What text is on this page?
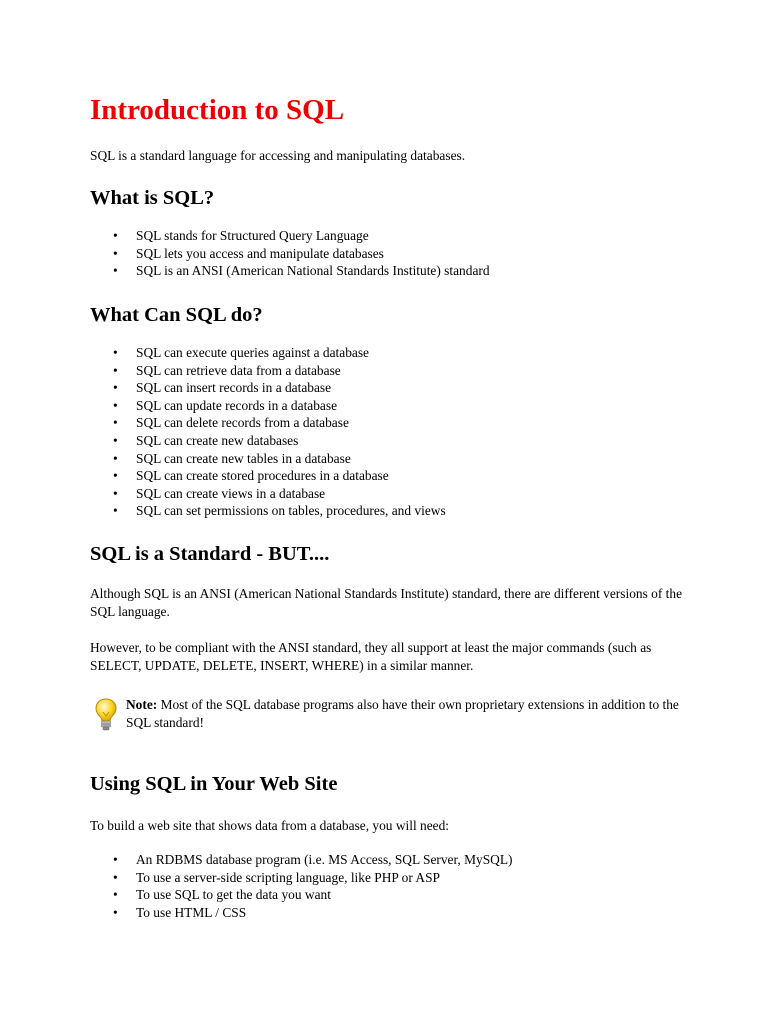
Introduction to SQL

SQL is a standard language for accessing and manipulating databases.

What is SQL?
• SQL stands for Structured Query Language
• SQL lets you access and manipulate databases
• SQL is an ANSI (American National Standards Institute) standard
What Can SQL do?
• SQL can execute queries against a database
• SQL can retrieve data from a database
• SQL can insert records in a database
• SQL can update records in a database
• SQL can delete records from a database
• SQL can create new databases
• SQL can create new tables in a database
• SQL can create stored procedures in a database
• SQL can create views in a database
• SQL can set permissions on tables, procedures, and views
SQL is a Standard - BUT....

Although SQL is an ANSI (American National Standards Institute) standard, there are different versions of the SQL language.

However, to be compliant with the ANSI standard, they all support at least the major commands (such as SELECT, UPDATE, DELETE, INSERT, WHERE) in a similar manner.

Note: Most of the SQL database programs also have their own proprietary extensions in addition to the SQL standard!
Using SQL in Your Web Site

To build a web site that shows data from a database, you will need:

• An RDBMS database program (i.e. MS Access, SQL Server, MySQL)
• To use a server-side scripting language, like PHP or ASP
• To use SQL to get the data you want
• To use HTML / CSS
